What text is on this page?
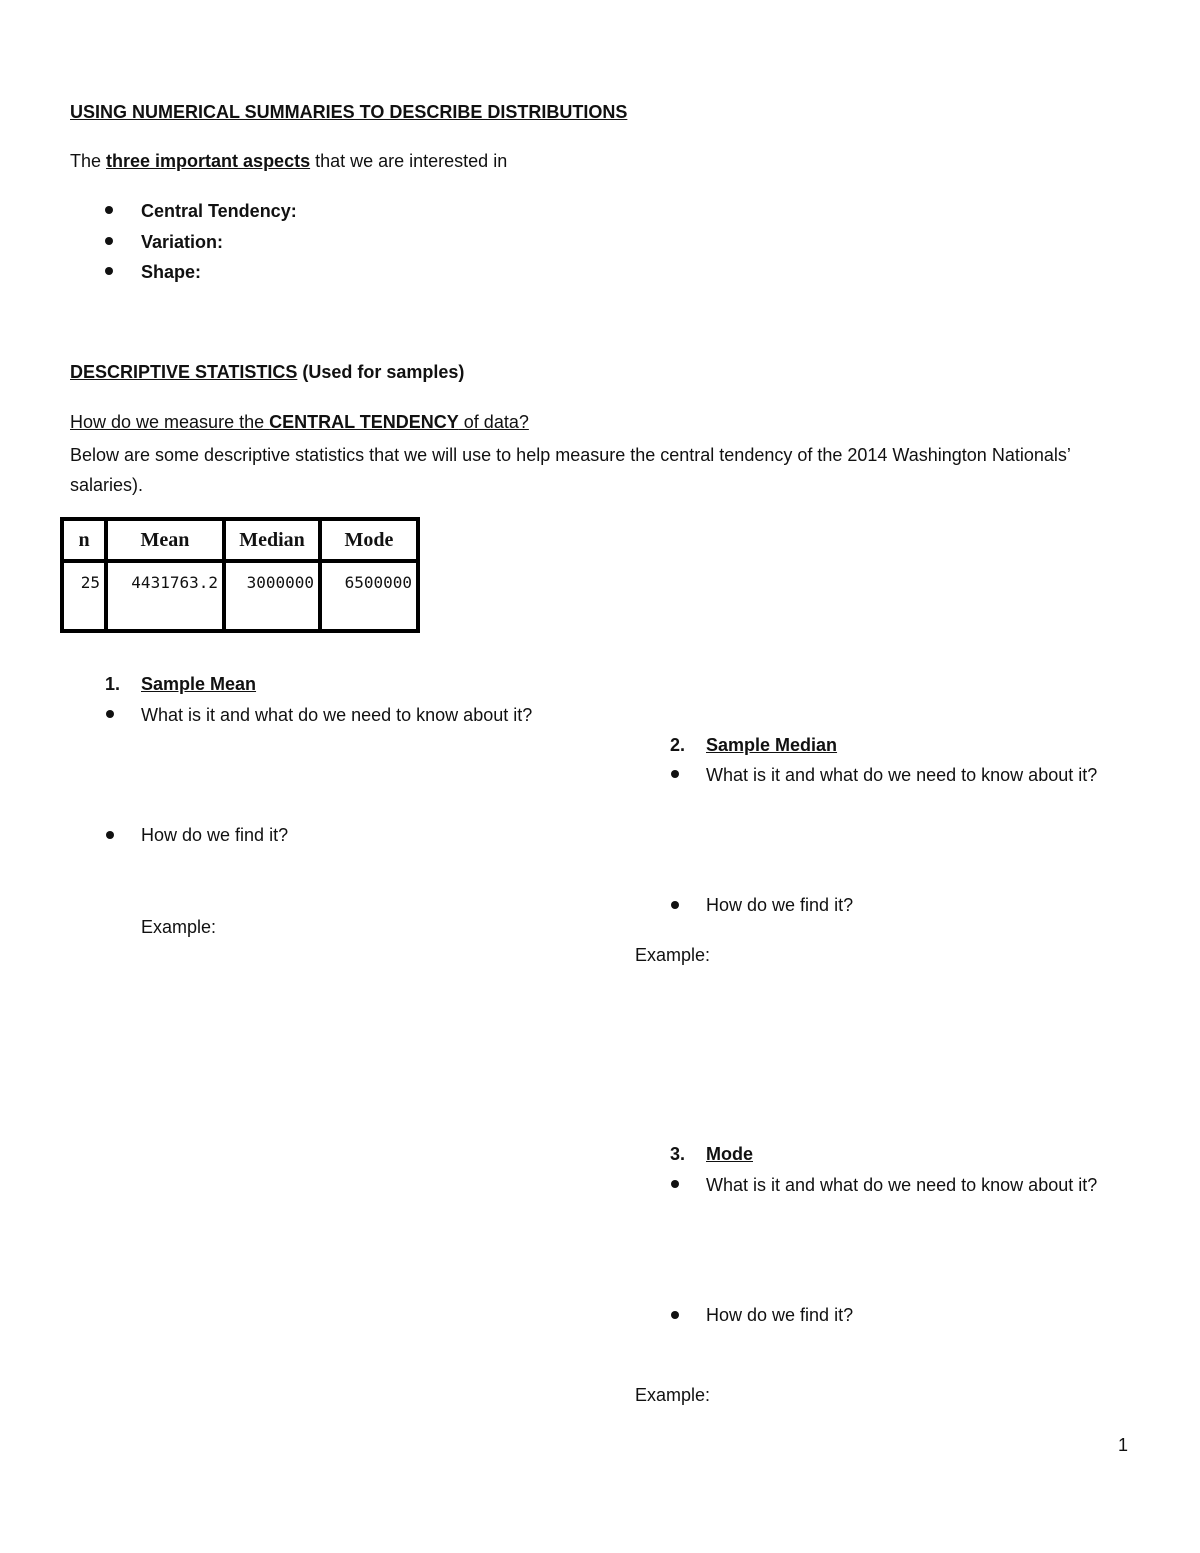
USING NUMERICAL SUMMARIES TO DESCRIBE DISTRIBUTIONS
The three important aspects that we are interested in
Central Tendency:
Variation:
Shape:
DESCRIPTIVE STATISTICS (Used for samples)
How do we measure the CENTRAL TENDENCY of data?
Below are some descriptive statistics that we will use to help measure the central tendency of the 2014 Washington Nationals’ salaries).
n	Mean	Median	Mode
25	4431763.2	3000000	6500000
1. Sample Mean
What is it and what do we need to know about it?
How do we find it?
Example:
2. Sample Median
What is it and what do we need to know about it?
How do we find it?
Example:
3. Mode
What is it and what do we need to know about it?
How do we find it?
Example:
1
